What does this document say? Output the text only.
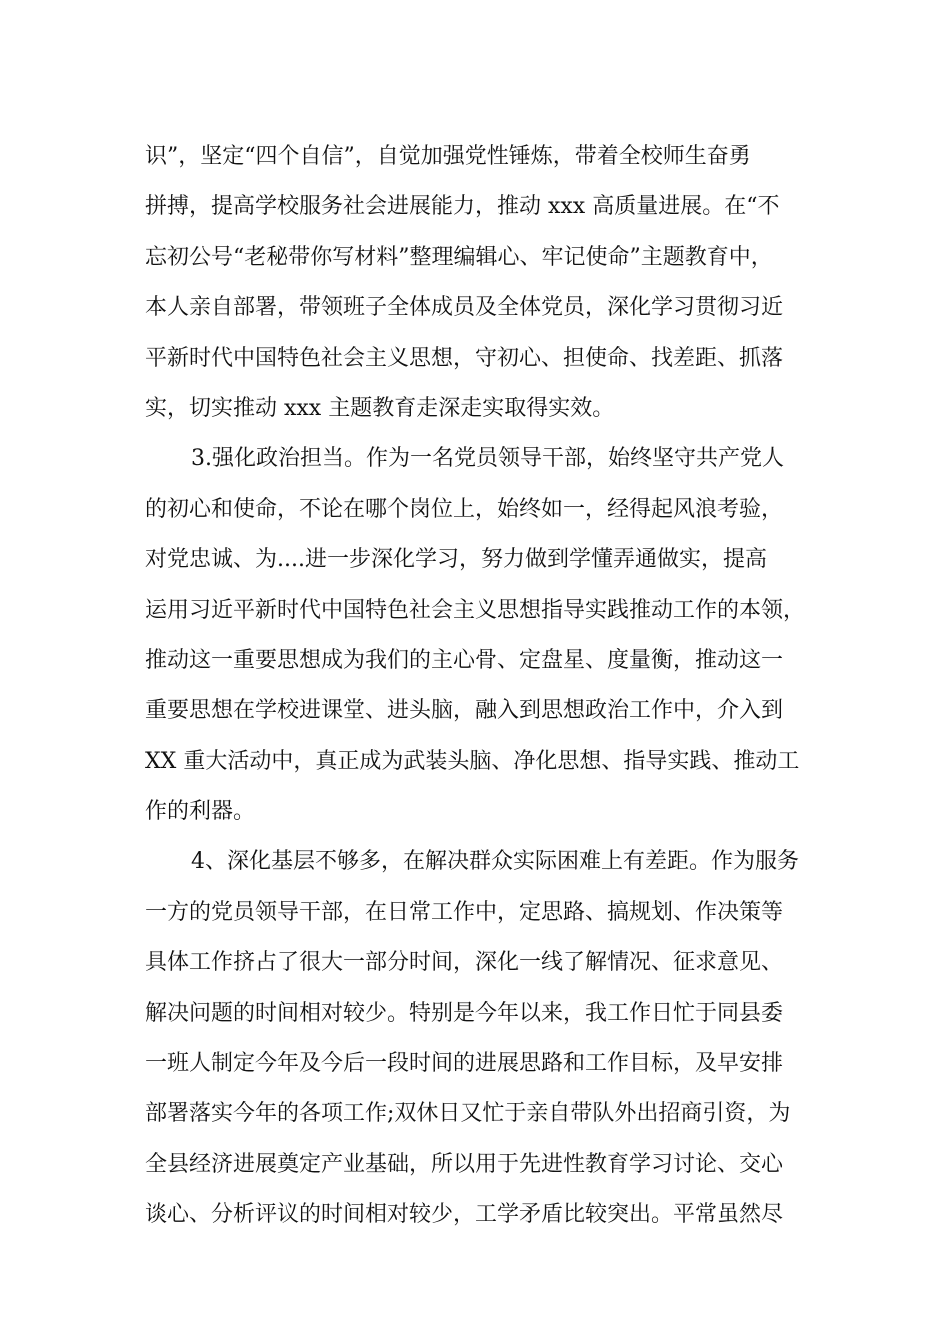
识”，坚定“四个自信”，自觉加强党性锤炼，带着全校师生奋勇
拼搏，提高学校服务社会进展能力，推动 xxx 高质量进展。在“不
忘初公号“老秘带你写材料”整理编辑心、牢记使命”主题教育中，
本人亲自部署，带领班子全体成员及全体党员，深化学习贯彻习近
平新时代中国特色社会主义思想，守初心、担使命、找差距、抓落
实，切实推动 xxx 主题教育走深走实取得实效。
3.强化政治担当。作为一名党员领导干部，始终坚守共产党人
的初心和使命，不论在哪个岗位上，始终如一，经得起风浪考验，
对党忠诚、为....进一步深化学习，努力做到学懂弄通做实，提高
运用习近平新时代中国特色社会主义思想指导实践推动工作的本领，
推动这一重要思想成为我们的主心骨、定盘星、度量衡，推动这一
重要思想在学校进课堂、进头脑，融入到思想政治工作中，介入到
XX 重大活动中，真正成为武装头脑、净化思想、指导实践、推动工
作的利器。
4、深化基层不够多，在解决群众实际困难上有差距。作为服务
一方的党员领导干部，在日常工作中，定思路、搞规划、作决策等
具体工作挤占了很大一部分时间，深化一线了解情况、征求意见、
解决问题的时间相对较少。特别是今年以来，我工作日忙于同县委
一班人制定今年及今后一段时间的进展思路和工作目标，及早安排
部署落实今年的各项工作;双休日又忙于亲自带队外出招商引资，为
全县经济进展奠定产业基础，所以用于先进性教育学习讨论、交心
谈心、分析评议的时间相对较少，工学矛盾比较突出。平常虽然尽
